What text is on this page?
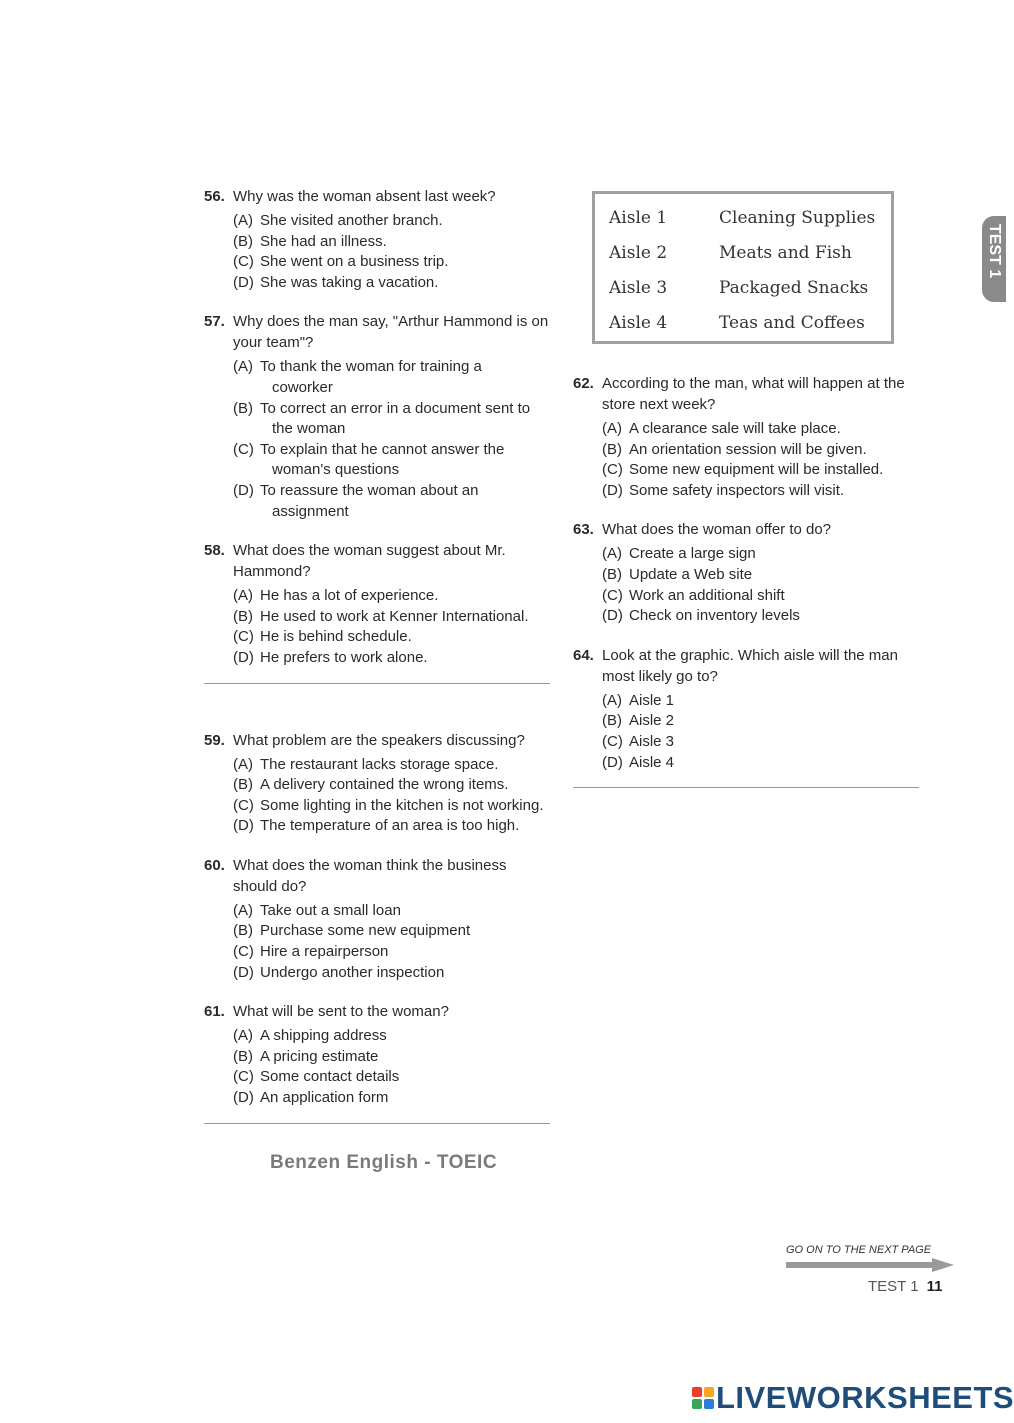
TEST 1
56. Why was the woman absent last week?
(A) She visited another branch.
(B) She had an illness.
(C) She went on a business trip.
(D) She was taking a vacation.
57. Why does the man say, "Arthur Hammond is on your team"?
(A) To thank the woman for training a
coworker
(B) To correct an error in a document sent to
the woman
(C) To explain that he cannot answer the
woman's questions
(D) To reassure the woman about an
assignment
58. What does the woman suggest about Mr. Hammond?
(A) He has a lot of experience.
(B) He used to work at Kenner International.
(C) He is behind schedule.
(D) He prefers to work alone.
59. What problem are the speakers discussing?
(A) The restaurant lacks storage space.
(B) A delivery contained the wrong items.
(C) Some lighting in the kitchen is not working.
(D) The temperature of an area is too high.
60. What does the woman think the business should do?
(A) Take out a small loan
(B) Purchase some new equipment
(C) Hire a repairperson
(D) Undergo another inspection
61. What will be sent to the woman?
(A) A shipping address
(B) A pricing estimate
(C) Some contact details
(D) An application form
Aisle 1	Cleaning Supplies
Aisle 2	Meats and Fish
Aisle 3	Packaged Snacks
Aisle 4	Teas and Coffees
62. According to the man, what will happen at the store next week?
(A) A clearance sale will take place.
(B) An orientation session will be given.
(C) Some new equipment will be installed.
(D) Some safety inspectors will visit.
63. What does the woman offer to do?
(A) Create a large sign
(B) Update a Web site
(C) Work an additional shift
(D) Check on inventory levels
64. Look at the graphic. Which aisle will the man most likely go to?
(A) Aisle 1
(B) Aisle 2
(C) Aisle 3
(D) Aisle 4
Benzen English - TOEIC
GO ON TO THE NEXT PAGE
TEST 1 11
LIVEWORKSHEETS
